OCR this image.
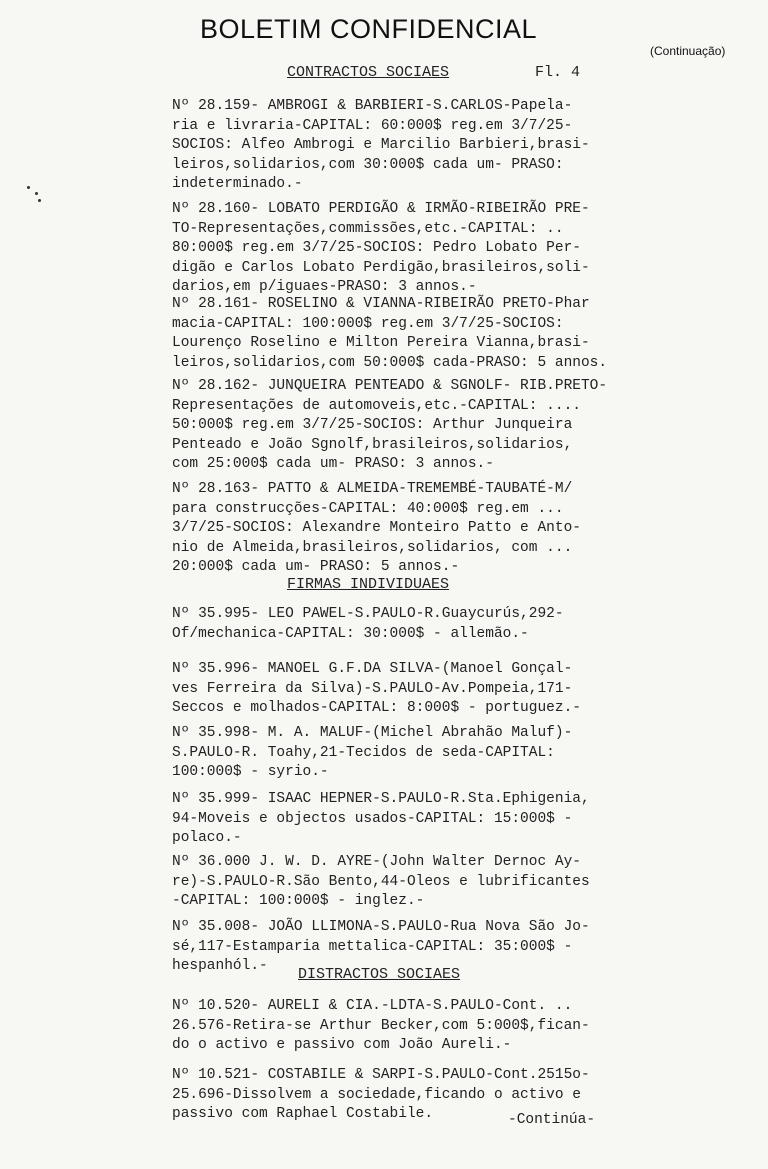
BOLETIM CONFIDENCIAL
(Continuação)
CONTRACTOS SOCIAES	Fl. 4
Nº 28.159- AMBROGI & BARBIERI-S.CARLOS-Papela-
ria e livraria-CAPITAL: 60:000$ reg.em 3/7/25-
SOCIOS: Alfeo Ambrogi e Marcilio Barbieri,brasi-
leiros,solidarios,com 30:000$ cada um- PRASO:
indeterminado.-
Nº 28.160- LOBATO PERDIGÃO & IRMÃO-RIBEIRÃO PRE-
TO-Representações,commissões,etc.-CAPITAL: ..
80:000$ reg.em 3/7/25-SOCIOS: Pedro Lobato Per-
digão e Carlos Lobato Perdigão,brasileiros,soli-
darios,em p/iguaes-PRASO: 3 annos.-
Nº 28.161- ROSELINO & VIANNA-RIBEIRÃO PRETO-Phar
macia-CAPITAL: 100:000$ reg.em 3/7/25-SOCIOS:
Lourenço Roselino e Milton Pereira Vianna,brasi-
leiros,solidarios,com 50:000$ cada-PRASO: 5 annos.
Nº 28.162- JUNQUEIRA PENTEADO & SGNOLF- RIB.PRETO-
Representações de automoveis,etc.-CAPITAL: ....
50:000$ reg.em 3/7/25-SOCIOS: Arthur Junqueira
Penteado e João Sgnolf,brasileiros,solidarios,
com 25:000$ cada um- PRASO: 3 annos.-
Nº 28.163- PATTO & ALMEIDA-TREMEMBÉ-TAUBATÉ-M/
para construcções-CAPITAL: 40:000$ reg.em ...
3/7/25-SOCIOS: Alexandre Monteiro Patto e Anto-
nio de Almeida,brasileiros,solidarios, com ...
20:000$ cada um- PRASO: 5 annos.-
FIRMAS INDIVIDUAES
Nº 35.995- LEO PAWEL-S.PAULO-R.Guaycurús,292-
Of/mechanica-CAPITAL: 30:000$ - allemão.-
Nº 35.996- MANOEL G.F.DA SILVA-(Manoel Gonçal-
ves Ferreira da Silva)-S.PAULO-Av.Pompeia,171-
Seccos e molhados-CAPITAL: 8:000$ - portuguez.-
Nº 35.998- M. A. MALUF-(Michel Abrahão Maluf)-
S.PAULO-R. Toahy,21-Tecidos de seda-CAPITAL:
100:000$ - syrio.-
Nº 35.999- ISAAC HEPNER-S.PAULO-R.Sta.Ephigenia,
94-Moveis e objectos usados-CAPITAL: 15:000$ -
polaco.-
Nº 36.000 J. W. D. AYRE-(John Walter Dernoc Ay-
re)-S.PAULO-R.São Bento,44-Oleos e lubrificantes
-CAPITAL: 100:000$ - inglez.-
Nº 35.008- JOÃO LLIMONA-S.PAULO-Rua Nova São Jo-
sé,117-Estamparia mettalica-CAPITAL: 35:000$ -
hespanhól.-	DISTRACTOS SOCIAES
Nº 10.520- AURELI & CIA.-LDTA-S.PAULO-Cont. ..
26.576-Retira-se Arthur Becker,com 5:000$,fican-
do o activo e passivo com João Aureli.-
Nº 10.521- COSTABILE & SARPI-S.PAULO-Cont.2515o-
25.696-Dissolvem a sociedade,ficando o activo e
passivo com Raphael Costabile.	-Continúa-
